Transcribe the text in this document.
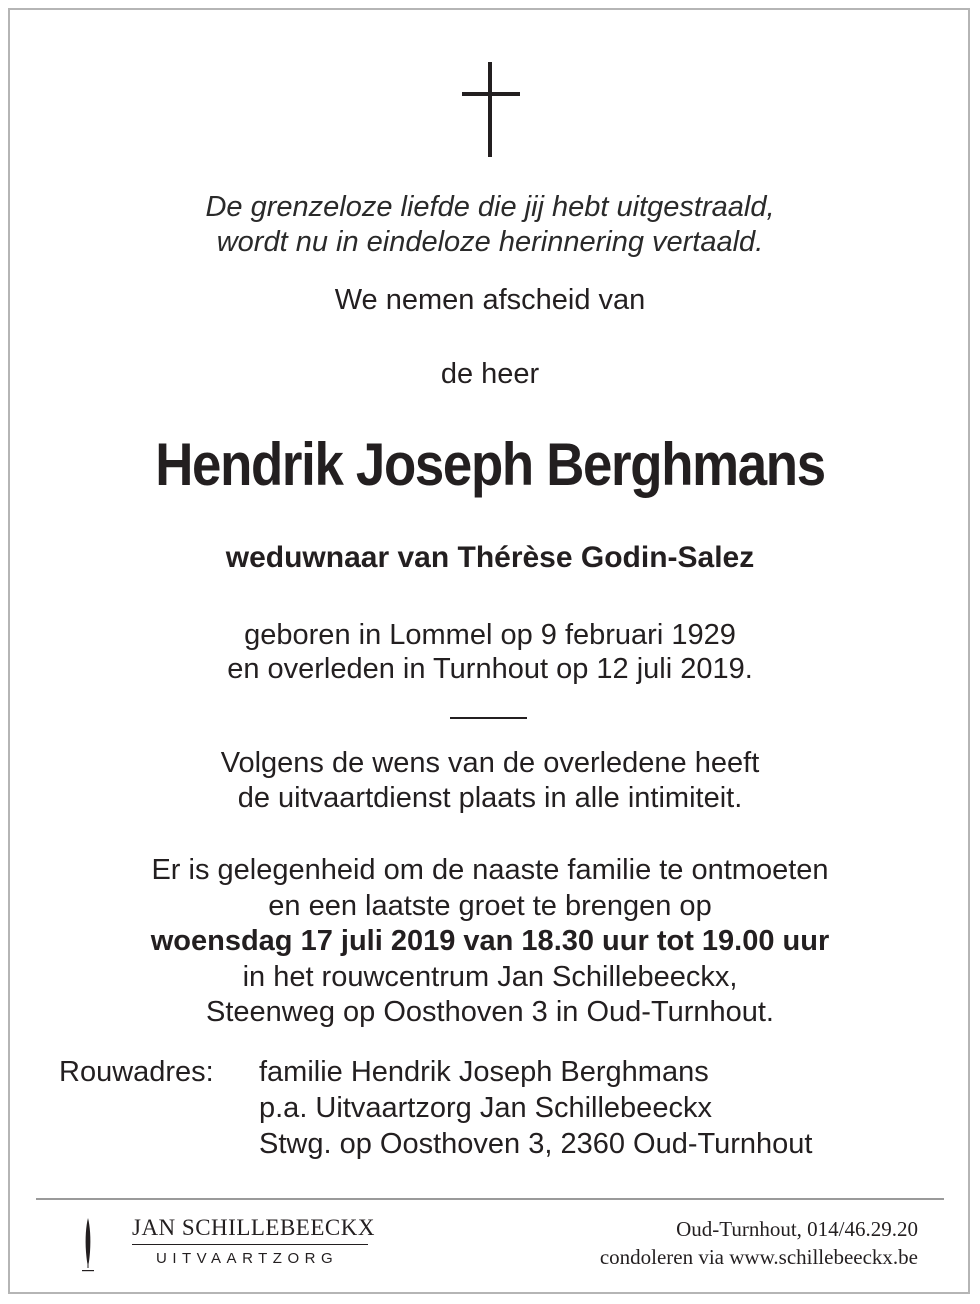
De grenzeloze liefde die jij hebt uitgestraald,
wordt nu in eindeloze herinnering vertaald.
We nemen afscheid van
de heer
Hendrik Joseph Berghmans
weduwnaar van Thérèse Godin-Salez
geboren in Lommel op 9 februari 1929
en overleden in Turnhout op 12 juli 2019.
Volgens de wens van de overledene heeft
de uitvaartdienst plaats in alle intimiteit.
Er is gelegenheid om de naaste familie te ontmoeten
en een laatste groet te brengen op
woensdag 17 juli 2019 van 18.30 uur tot 19.00 uur
in het rouwcentrum Jan Schillebeeckx,
Steenweg op Oosthoven 3 in Oud-Turnhout.
Rouwadres: familie Hendrik Joseph Berghmans
p.a. Uitvaartzorg Jan Schillebeeckx
Stwg. op Oosthoven 3, 2360 Oud-Turnhout
JAN SCHILLEBEECKX
UITVAARTZORG
Oud-Turnhout, 014/46.29.20
condoleren via www.schillebeeckx.be
